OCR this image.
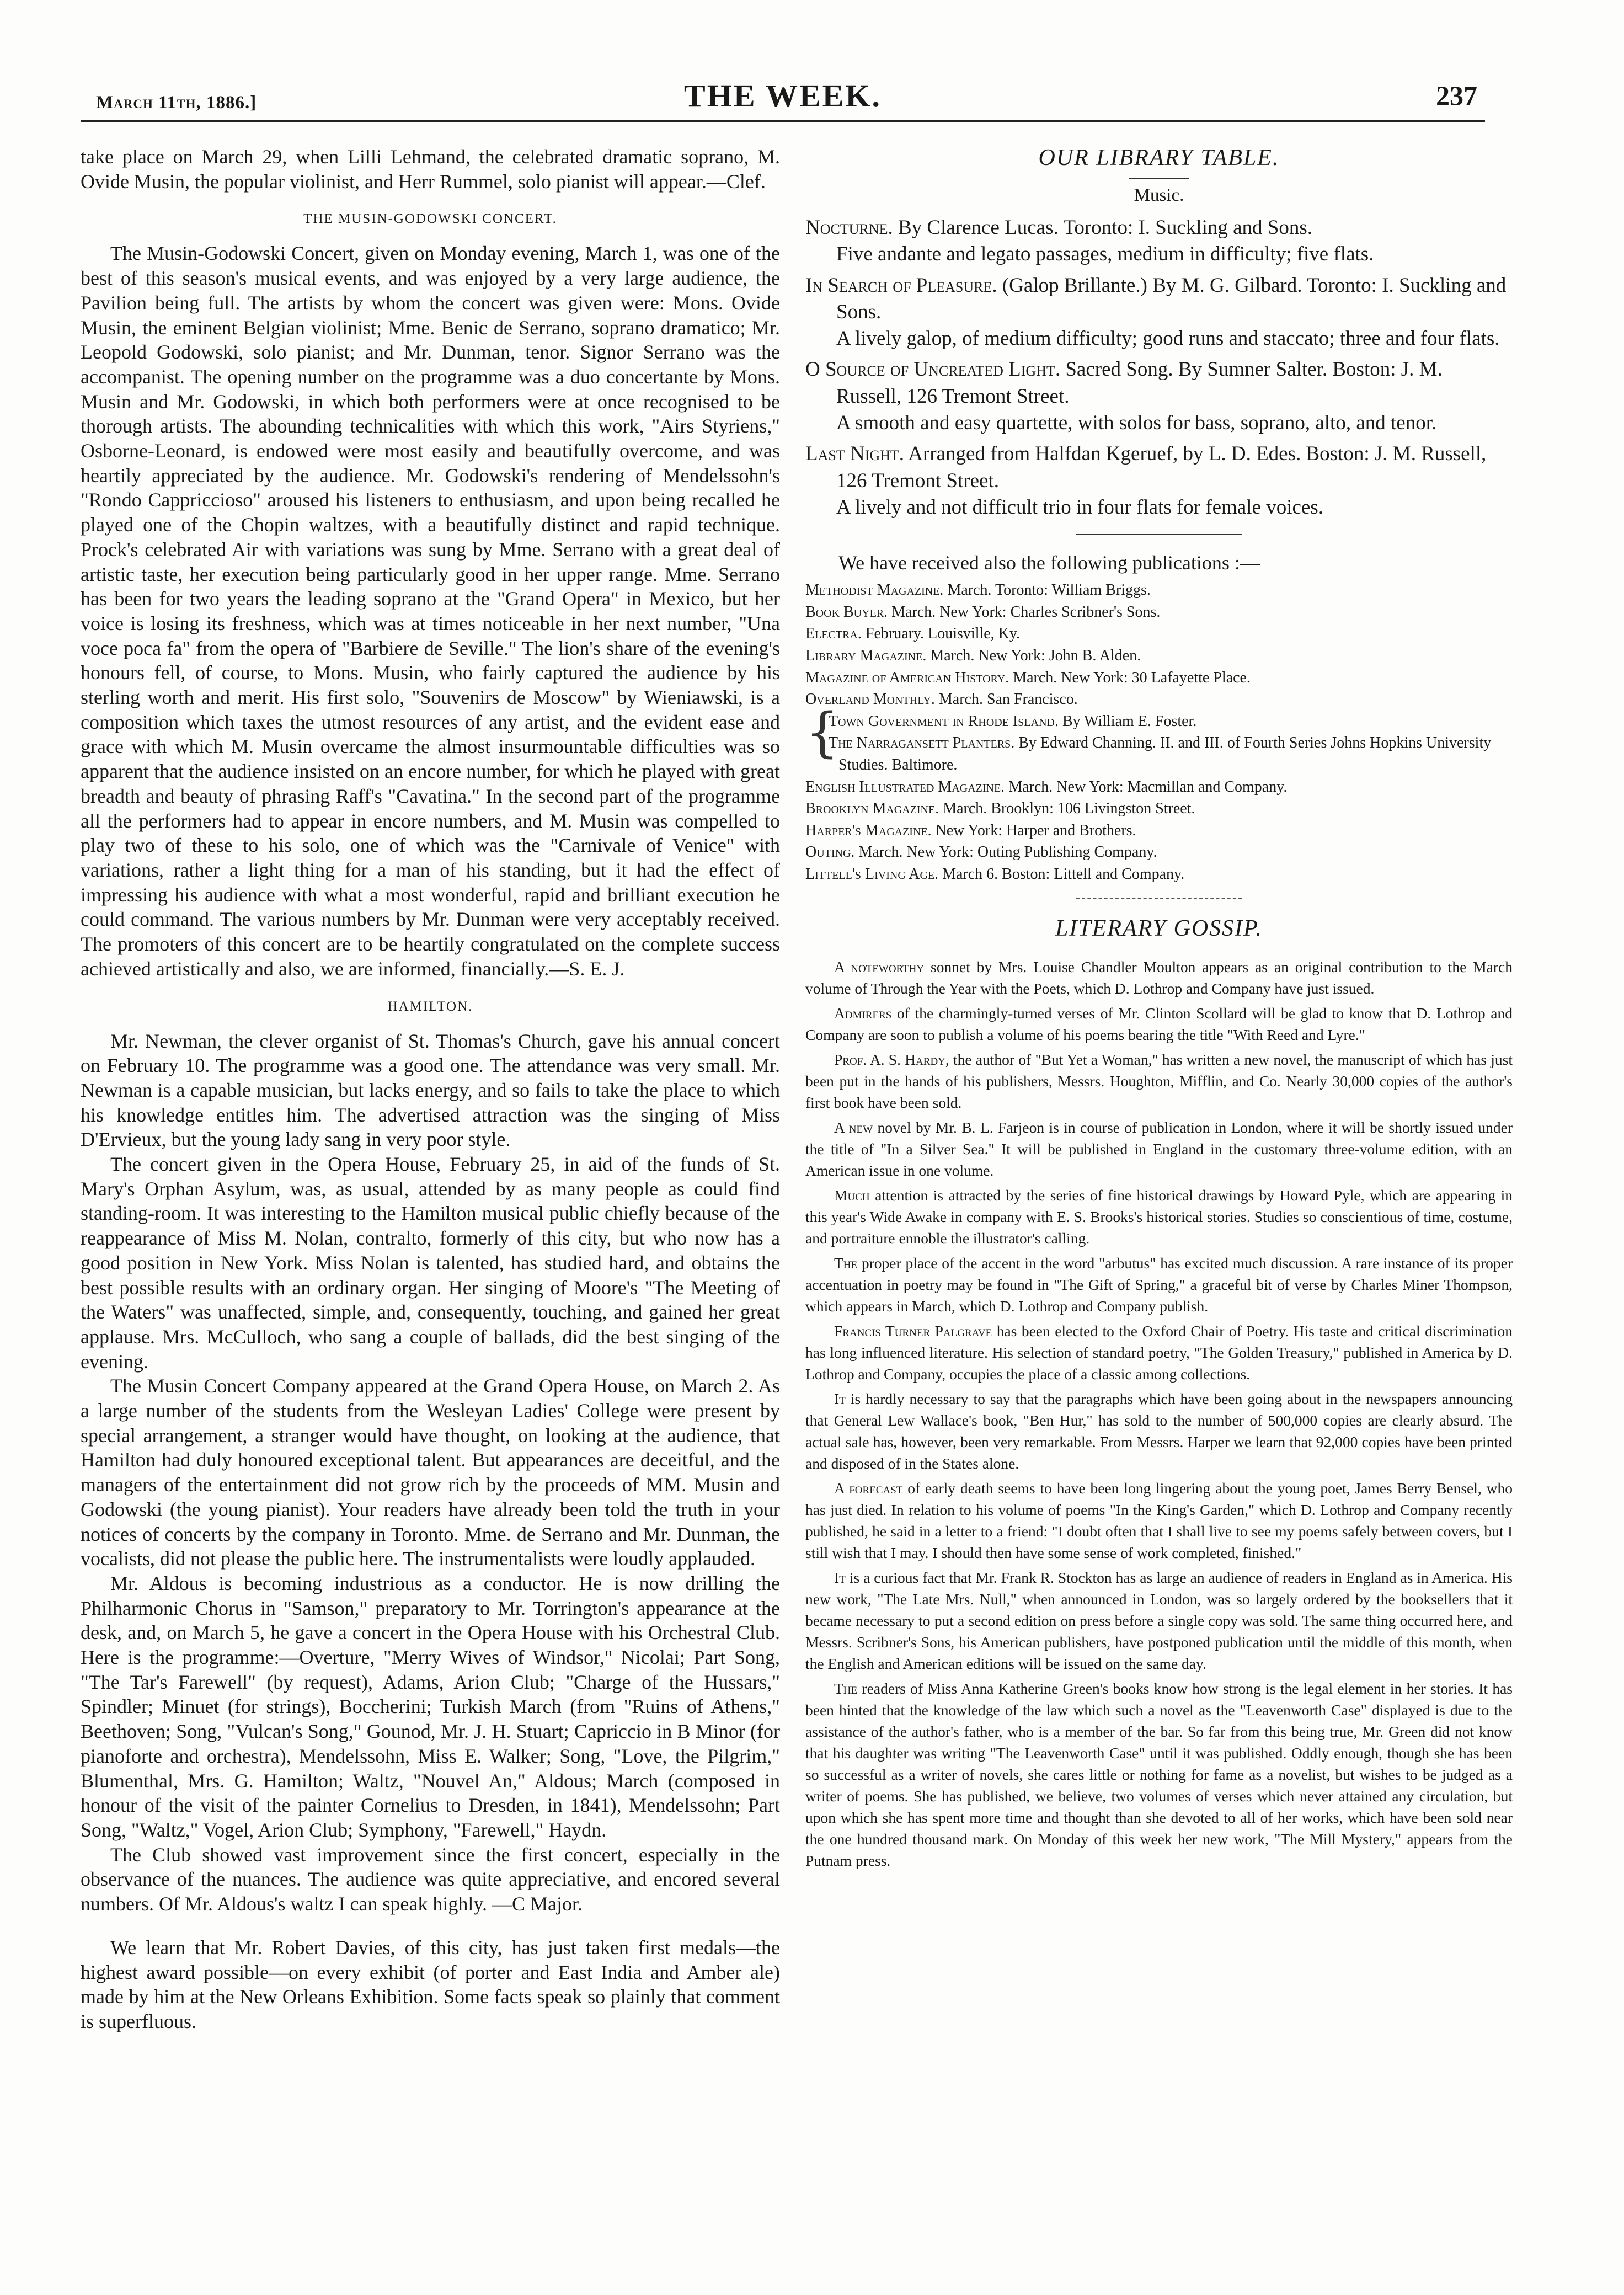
March 11th, 1886.]	THE WEEK.	237

take place on March 29, when Lilli Lehmand, the celebrated dramatic soprano, M. Ovide Musin, the popular violinist, and Herr Rummel, solo pianist will appear.—Clef.

THE MUSIN-GODOWSKI CONCERT.

The Musin-Godowski Concert, given on Monday evening, March 1, was one of the best of this season's musical events, and was enjoyed by a very large audience, the Pavilion being full. The artists by whom the concert was given were: Mons. Ovide Musin, the eminent Belgian violinist; Mme. Benic de Serrano, soprano dramatico; Mr. Leopold Godowski, solo pianist; and Mr. Dunman, tenor. Signor Serrano was the accompanist. The opening number on the programme was a duo concertante by Mons. Musin and Mr. Godowski, in which both performers were at once recognised to be thorough artists. The abounding technicalities with which this work, "Airs Styriens," Osborne-Leonard, is endowed were most easily and beautifully overcome, and was heartily appreciated by the audience. Mr. Godowski's rendering of Mendelssohn's "Rondo Cappriccioso" aroused his listeners to enthusiasm, and upon being recalled he played one of the Chopin waltzes, with a beautifully distinct and rapid technique. Prock's celebrated Air with variations was sung by Mme. Serrano with a great deal of artistic taste, her execution being particularly good in her upper range. Mme. Serrano has been for two years the leading soprano at the "Grand Opera" in Mexico, but her voice is losing its freshness, which was at times noticeable in her next number, "Una voce poca fa" from the opera of "Barbiere de Seville." The lion's share of the evening's honours fell, of course, to Mons. Musin, who fairly captured the audience by his sterling worth and merit. His first solo, "Souvenirs de Moscow" by Wieniawski, is a composition which taxes the utmost resources of any artist, and the evident ease and grace with which M. Musin overcame the almost insurmountable difficulties was so apparent that the audience insisted on an encore number, for which he played with great breadth and beauty of phrasing Raff's "Cavatina." In the second part of the programme all the performers had to appear in encore numbers, and M. Musin was compelled to play two of these to his solo, one of which was the "Carnivale of Venice" with variations, rather a light thing for a man of his standing, but it had the effect of impressing his audience with what a most wonderful, rapid and brilliant execution he could command. The various numbers by Mr. Dunman were very acceptably received. The promoters of this concert are to be heartily congratulated on the complete success achieved artistically and also, we are informed, financially.—S. E. J.

HAMILTON.

Mr. Newman, the clever organist of St. Thomas's Church, gave his annual concert on February 10. The programme was a good one. The attendance was very small. Mr. Newman is a capable musician, but lacks energy, and so fails to take the place to which his knowledge entitles him. The advertised attraction was the singing of Miss D'Ervieux, but the young lady sang in very poor style.

The concert given in the Opera House, February 25, in aid of the funds of St. Mary's Orphan Asylum, was, as usual, attended by as many people as could find standing-room. It was interesting to the Hamilton musical public chiefly because of the reappearance of Miss M. Nolan, contralto, formerly of this city, but who now has a good position in New York. Miss Nolan is talented, has studied hard, and obtains the best possible results with an ordinary organ. Her singing of Moore's "The Meeting of the Waters" was unaffected, simple, and, consequently, touching, and gained her great applause. Mrs. McCulloch, who sang a couple of ballads, did the best singing of the evening.

The Musin Concert Company appeared at the Grand Opera House, on March 2. As a large number of the students from the Wesleyan Ladies' College were present by special arrangement, a stranger would have thought, on looking at the audience, that Hamilton had duly honoured exceptional talent. But appearances are deceitful, and the managers of the entertainment did not grow rich by the proceeds of MM. Musin and Godowski (the young pianist). Your readers have already been told the truth in your notices of concerts by the company in Toronto. Mme. de Serrano and Mr. Dunman, the vocalists, did not please the public here. The instrumentalists were loudly applauded.

Mr. Aldous is becoming industrious as a conductor. He is now drilling the Philharmonic Chorus in "Samson," preparatory to Mr. Torrington's appearance at the desk, and, on March 5, he gave a concert in the Opera House with his Orchestral Club. Here is the programme:—Overture, "Merry Wives of Windsor," Nicolai; Part Song, "The Tar's Farewell" (by request), Adams, Arion Club; "Charge of the Hussars," Spindler; Minuet (for strings), Boccherini; Turkish March (from "Ruins of Athens," Beethoven; Song, "Vulcan's Song," Gounod, Mr. J. H. Stuart; Capriccio in B Minor (for pianoforte and orchestra), Mendelssohn, Miss E. Walker; Song, "Love, the Pilgrim," Blumenthal, Mrs. G. Hamilton; Waltz, "Nouvel An," Aldous; March (composed in honour of the visit of the painter Cornelius to Dresden, in 1841), Mendelssohn; Part Song, "Waltz," Vogel, Arion Club; Symphony, "Farewell," Haydn.

The Club showed vast improvement since the first concert, especially in the observance of the nuances. The audience was quite appreciative, and encored several numbers. Of Mr. Aldous's waltz I can speak highly. —C Major.

We learn that Mr. Robert Davies, of this city, has just taken first medals—the highest award possible—on every exhibit (of porter and East India and Amber ale) made by him at the New Orleans Exhibition. Some facts speak so plainly that comment is superfluous.

OUR LIBRARY TABLE.
Music.

Nocturne. By Clarence Lucas. Toronto: I. Suckling and Sons.

Five andante and legato passages, medium in difficulty; five flats.

In Search of Pleasure. (Galop Brillante.) By M. G. Gilbard. Toronto: I. Suckling and Sons.

A lively galop, of medium difficulty; good runs and staccato; three and four flats.

O Source of Uncreated Light. Sacred Song. By Sumner Salter. Boston: J. M. Russell, 126 Tremont Street.

A smooth and easy quartette, with solos for bass, soprano, alto, and tenor.

Last Night. Arranged from Halfdan Kgeruef, by L. D. Edes. Boston: J. M. Russell, 126 Tremont Street.

A lively and not difficult trio in four flats for female voices.

We have received also the following publications :—

Methodist Magazine. March. Toronto: William Briggs.

Book Buyer. March. New York: Charles Scribner's Sons.

Electra. February. Louisville, Ky.

Library Magazine. March. New York: John B. Alden.

Magazine of American History. March. New York: 30 Lafayette Place.

Overland Monthly. March. San Francisco.

{

Town Government in Rhode Island. By William E. Foster.

The Narragansett Planters. By Edward Channing. II. and III. of Fourth Series Johns Hopkins University Studies. Baltimore.

English Illustrated Magazine. March. New York: Macmillan and Company.

Brooklyn Magazine. March. Brooklyn: 106 Livingston Street.

Harper's Magazine. New York: Harper and Brothers.

Outing. March. New York: Outing Publishing Company.

Littell's Living Age. March 6. Boston: Littell and Company.

LITERARY GOSSIP.

A noteworthy sonnet by Mrs. Louise Chandler Moulton appears as an original contribution to the March volume of Through the Year with the Poets, which D. Lothrop and Company have just issued.

Admirers of the charmingly-turned verses of Mr. Clinton Scollard will be glad to know that D. Lothrop and Company are soon to publish a volume of his poems bearing the title "With Reed and Lyre."

Prof. A. S. Hardy, the author of "But Yet a Woman," has written a new novel, the manuscript of which has just been put in the hands of his publishers, Messrs. Houghton, Mifflin, and Co. Nearly 30,000 copies of the author's first book have been sold.

A new novel by Mr. B. L. Farjeon is in course of publication in London, where it will be shortly issued under the title of "In a Silver Sea." It will be published in England in the customary three-volume edition, with an American issue in one volume.

Much attention is attracted by the series of fine historical drawings by Howard Pyle, which are appearing in this year's Wide Awake in company with E. S. Brooks's historical stories. Studies so conscientious of time, costume, and portraiture ennoble the illustrator's calling.

The proper place of the accent in the word "arbutus" has excited much discussion. A rare instance of its proper accentuation in poetry may be found in "The Gift of Spring," a graceful bit of verse by Charles Miner Thompson, which appears in March, which D. Lothrop and Company publish.

Francis Turner Palgrave has been elected to the Oxford Chair of Poetry. His taste and critical discrimination has long influenced literature. His selection of standard poetry, "The Golden Treasury," published in America by D. Lothrop and Company, occupies the place of a classic among collections.

It is hardly necessary to say that the paragraphs which have been going about in the newspapers announcing that General Lew Wallace's book, "Ben Hur," has sold to the number of 500,000 copies are clearly absurd. The actual sale has, however, been very remarkable. From Messrs. Harper we learn that 92,000 copies have been printed and disposed of in the States alone.

A forecast of early death seems to have been long lingering about the young poet, James Berry Bensel, who has just died. In relation to his volume of poems "In the King's Garden," which D. Lothrop and Company recently published, he said in a letter to a friend: "I doubt often that I shall live to see my poems safely between covers, but I still wish that I may. I should then have some sense of work completed, finished."

It is a curious fact that Mr. Frank R. Stockton has as large an audience of readers in England as in America. His new work, "The Late Mrs. Null," when announced in London, was so largely ordered by the booksellers that it became necessary to put a second edition on press before a single copy was sold. The same thing occurred here, and Messrs. Scribner's Sons, his American publishers, have postponed publication until the middle of this month, when the English and American editions will be issued on the same day.

The readers of Miss Anna Katherine Green's books know how strong is the legal element in her stories. It has been hinted that the knowledge of the law which such a novel as the "Leavenworth Case" displayed is due to the assistance of the author's father, who is a member of the bar. So far from this being true, Mr. Green did not know that his daughter was writing "The Leavenworth Case" until it was published. Oddly enough, though she has been so successful as a writer of novels, she cares little or nothing for fame as a novelist, but wishes to be judged as a writer of poems. She has published, we believe, two volumes of verses which never attained any circulation, but upon which she has spent more time and thought than she devoted to all of her works, which have been sold near the one hundred thousand mark. On Monday of this week her new work, "The Mill Mystery," appears from the Putnam press.
